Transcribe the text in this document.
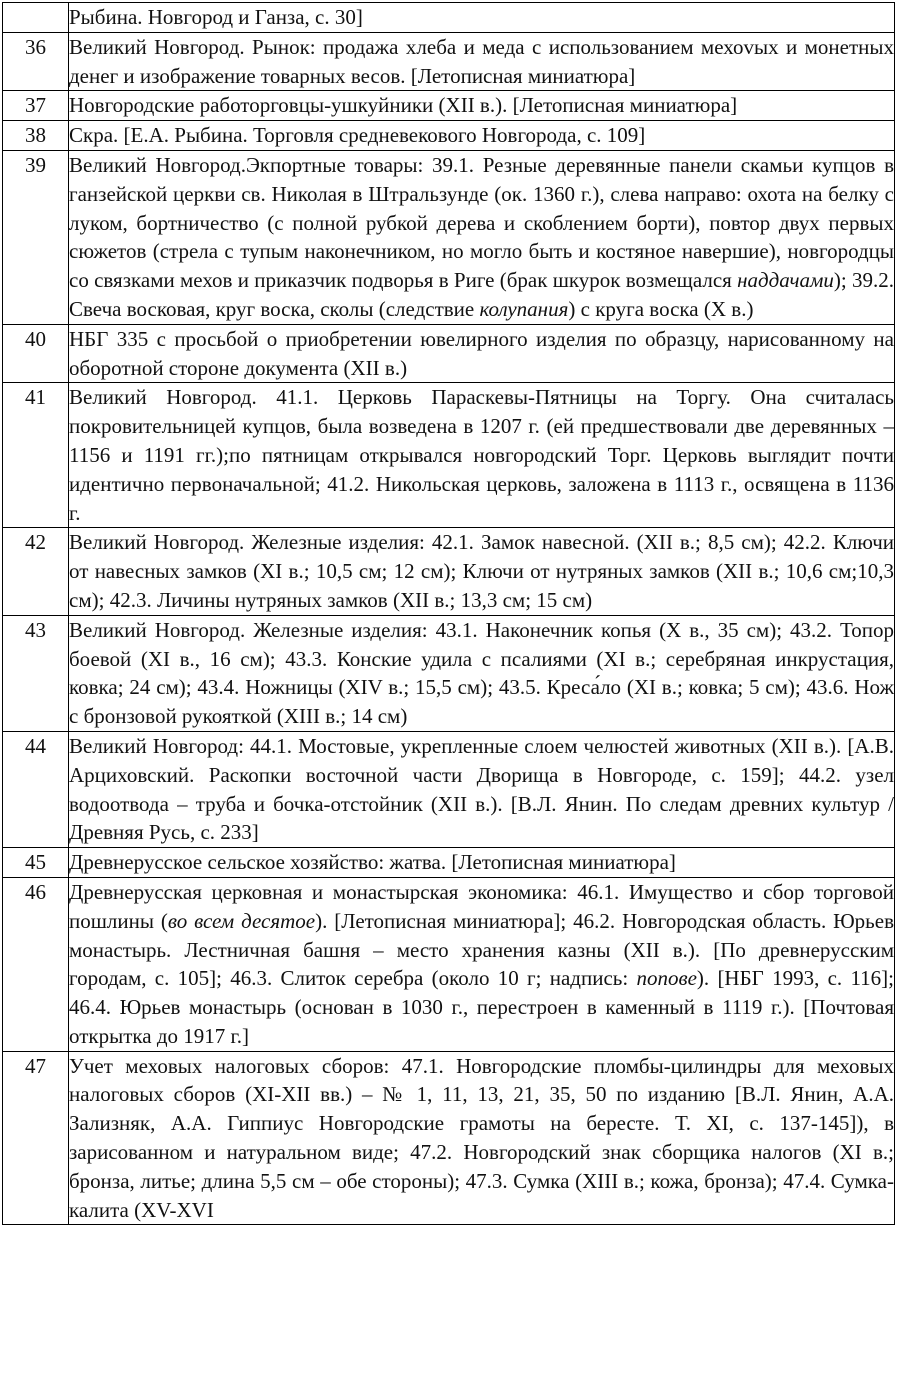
	Рыбина. Новгород и Ганза, с. 30]
36	Великий Новгород. Рынок: продажа хлеба и меда с использованием мехоvых и монетных денег и изображение товарных весов. [Летописная миниатюра]
37	Новгородские работорговцы-ушкуйники (XII в.). [Летописная миниатюра]
38	Скра. [Е.А. Рыбина. Торговля средневекового Новгорода, с. 109]
39	Великий Новгород.Экпортные товары: 39.1. Резные деревянные панели скамьи купцов в ганзейской церкви св. Николая в Штральзунде (ок. 1360 г.), слева направо: охота на белку с луком, бортничество (с полной рубкой дерева и скоблением борти), повтор двух первых сюжетов (стрела с тупым наконечником, но могло быть и костяное навершие), новгородцы со связками мехов и приказчик подворья в Риге (брак шкурок возмещался наддачами); 39.2. Свеча восковая, круг воска, сколы (следствие колупания) с круга воска (X в.)
40	НБГ 335 с просьбой о приобретении ювелирного изделия по образцу, нарисованному на оборотной стороне документа (XII в.)
41	Великий Новгород. 41.1. Церковь Параскевы-Пятницы на Торгу. Она считалась покровительницей купцов, была возведена в 1207 г. (ей предшествовали две деревянных – 1156 и 1191 гг.);по пятницам открывался новгородский Торг. Церковь выглядит почти идентично первоначальной; 41.2. Никольская церковь, заложена в 1113 г., освящена в 1136 г.
42	Великий Новгород. Железные изделия: 42.1. Замок навесной. (XII в.; 8,5 см); 42.2. Ключи от навесных замков (XI в.; 10,5 см; 12 см); Ключи от нутряных замков (XII в.; 10,6 см;10,3 см); 42.3. Личины нутряных замков (XII в.; 13,3 см; 15 см)
43	Великий Новгород. Железные изделия: 43.1. Наконечник копья (X в., 35 см); 43.2. Топор боевой (XI в., 16 см); 43.3. Конские удила с псалиями (XI в.; серебряная инкрустация, ковка; 24 см); 43.4. Ножницы (XIV в.; 15,5 см); 43.5. Креса́ло (XI в.; ковка; 5 см); 43.6. Нож с бронзовой рукояткой (XIII в.; 14 см)
44	Великий Новгород: 44.1. Мостовые, укрепленные слоем челюстей животных (XII в.). [А.В. Арциховский. Раскопки восточной части Дворища в Новгороде, с. 159]; 44.2. узел водоотвода – труба и бочка-отстойник (XII в.). [В.Л. Янин. По следам древних культур / Древняя Русь, с. 233]
45	Древнерусское сельское хозяйство: жатва. [Летописная миниатюра]
46	Древнерусская церковная и монастырская экономика: 46.1. Имущество и сбор торговой пошлины (во всем десятое). [Летописная миниатюра]; 46.2. Новгородская область. Юрьев монастырь. Лестничная башня – место хранения казны (XII в.). [По древнерусским городам, с. 105]; 46.3. Слиток серебра (около 10 г; надпись: попове). [НБГ 1993, с. 116]; 46.4. Юрьев монастырь (основан в 1030 г., перестроен в каменный в 1119 г.). [Почтовая открытка до 1917 г.]
47	Учет меховых налоговых сборов: 47.1. Новгородские пломбы-цилиндры для меховых налоговых сборов (XI-XII вв.) – № 1, 11, 13, 21, 35, 50 по изданию [В.Л. Янин, А.А. Зализняк, А.А. Гиппиус Новгородские грамоты на бересте. Т. XI, с. 137-145]), в зарисованном и натуральном виде; 47.2. Новгородский знак сборщика налогов (XI в.; бронза, литье; длина 5,5 см – обе стороны); 47.3. Сумка (XIII в.; кожа, бронза); 47.4. Сумка-калита (XV-XVI
